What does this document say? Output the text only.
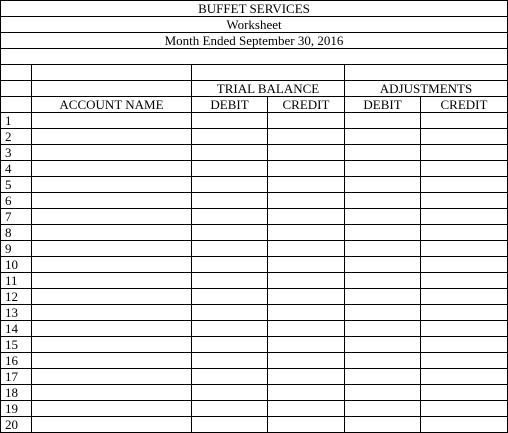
BUFFET SERVICES					
Worksheet					
Month Ended September 30, 2016					

		TRIAL BALANCE		ADJUSTMENTS	
	ACCOUNT NAME	DEBIT	CREDIT	DEBIT	CREDIT
1					
2					
3					
4					
5					
6					
7					
8					
9					
10					
11					
12					
13					
14					
15					
16					
17					
18					
19					
20					
